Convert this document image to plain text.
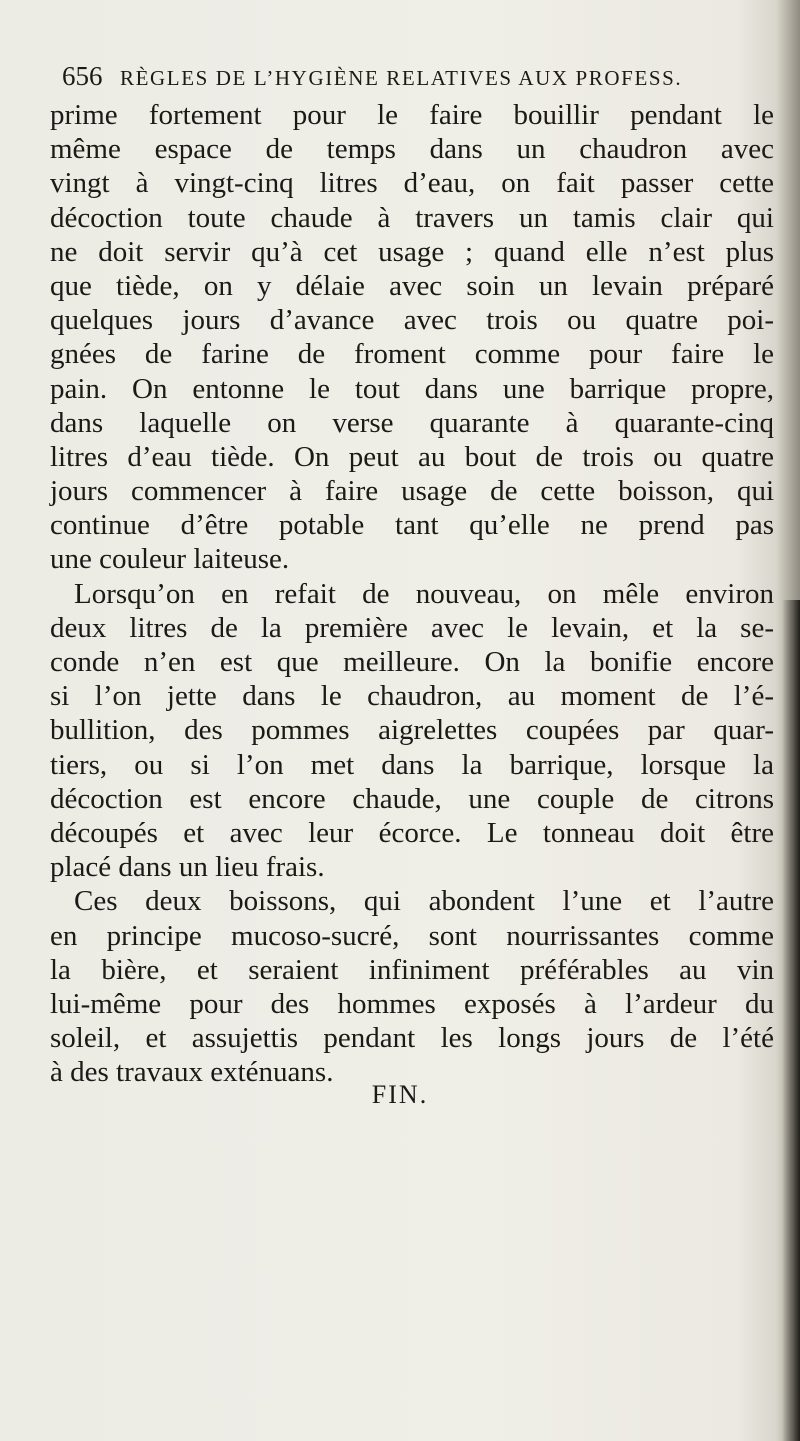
656 RÈGLES DE L’HYGIÈNE RELATIVES AUX PROFESS.
prime fortement pour le faire bouillir pendant le
même espace de temps dans un chaudron avec
vingt à vingt-cinq litres d’eau, on fait passer cette
décoction toute chaude à travers un tamis clair qui
ne doit servir qu’à cet usage ; quand elle n’est plus
que tiède, on y délaie avec soin un levain préparé
quelques jours d’avance avec trois ou quatre poi-
gnées de farine de froment comme pour faire le
pain. On entonne le tout dans une barrique propre,
dans laquelle on verse quarante à quarante-cinq
litres d’eau tiède. On peut au bout de trois ou quatre
jours commencer à faire usage de cette boisson, qui
continue d’être potable tant qu’elle ne prend pas
une couleur laiteuse.
Lorsqu’on en refait de nouveau, on mêle environ
deux litres de la première avec le levain, et la se-
conde n’en est que meilleure. On la bonifie encore
si l’on jette dans le chaudron, au moment de l’é-
bullition, des pommes aigrelettes coupées par quar-
tiers, ou si l’on met dans la barrique, lorsque la
décoction est encore chaude, une couple de citrons
découpés et avec leur écorce. Le tonneau doit être
placé dans un lieu frais.
Ces deux boissons, qui abondent l’une et l’autre
en principe mucoso-sucré, sont nourrissantes comme
la bière, et seraient infiniment préférables au vin
lui-même pour des hommes exposés à l’ardeur du
soleil, et assujettis pendant les longs jours de l’été
à des travaux exténuans.
FIN.
